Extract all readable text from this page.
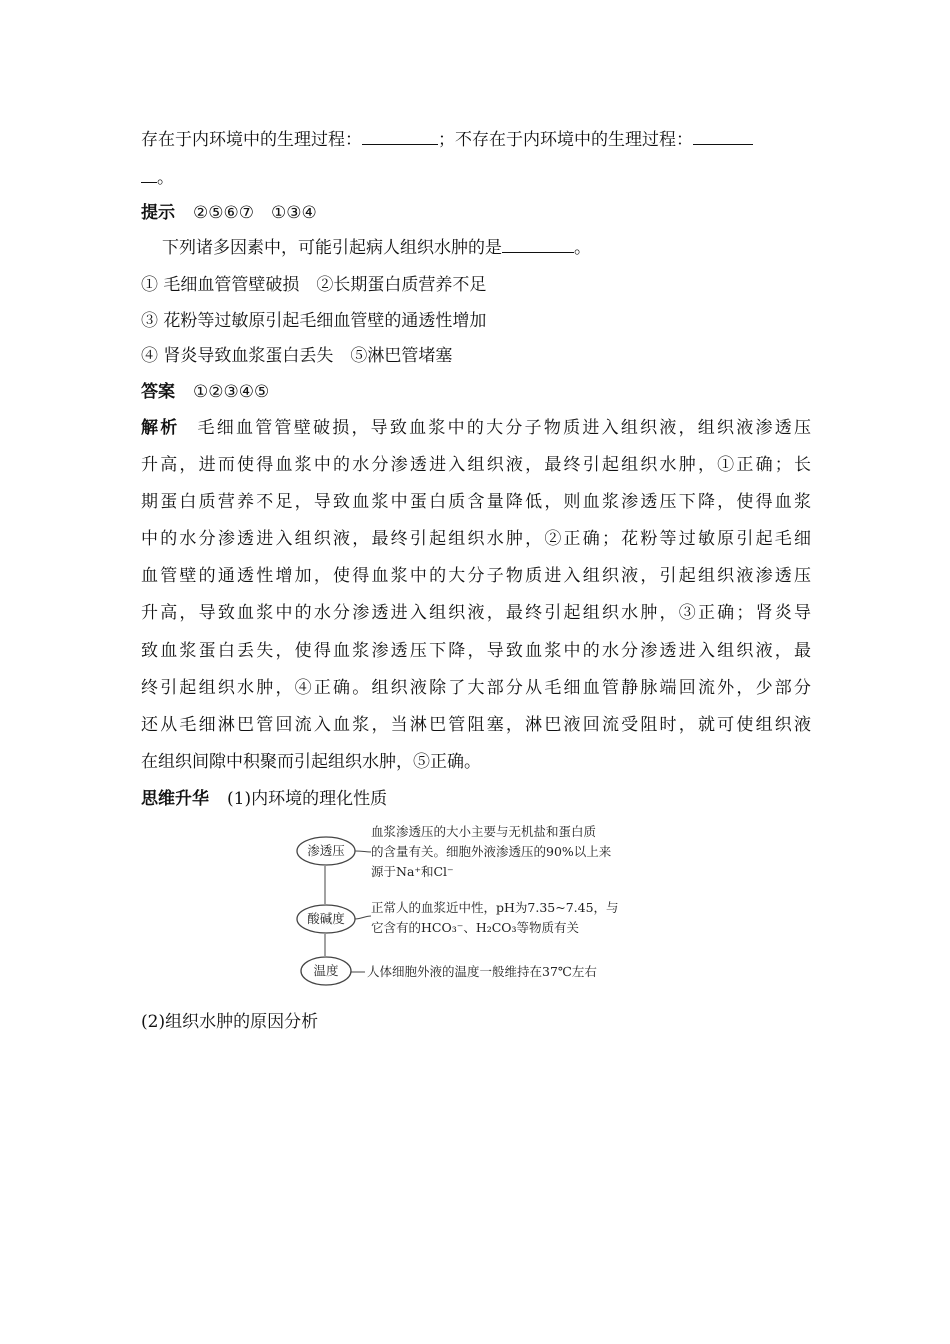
存在于内环境中的生理过程：	；不存在于内环境中的生理过程：
。
提示 ②⑤⑥⑦　①③④
下列诸多因素中，可能引起病人组织水肿的是	。
① 毛细血管管壁破损　②长期蛋白质营养不足
③ 花粉等过敏原引起毛细血管壁的通透性增加
④ 肾炎导致血浆蛋白丢失　⑤淋巴管堵塞
答案 ①②③④⑤
解析 毛细血管管壁破损，导致血浆中的大分子物质进入组织液，组织液渗透压
升高，进而使得血浆中的水分渗透进入组织液，最终引起组织水肿，①正确；长
期蛋白质营养不足，导致血浆中蛋白质含量降低，则血浆渗透压下降，使得血浆
中的水分渗透进入组织液，最终引起组织水肿，②正确；花粉等过敏原引起毛细
血管壁的通透性增加，使得血浆中的大分子物质进入组织液，引起组织液渗透压
升高，导致血浆中的水分渗透进入组织液，最终引起组织水肿，③正确；肾炎导
致血浆蛋白丢失，使得血浆渗透压下降，导致血浆中的水分渗透进入组织液，最
终引起组织水肿，④正确。组织液除了大部分从毛细血管静脉端回流外，少部分
还从毛细淋巴管回流入血浆，当淋巴管阻塞，淋巴液回流受阻时，就可使组织液
在组织间隙中积聚而引起组织水肿，⑤正确。
思维升华 (1)内环境的理化性质
渗透压
酸碱度
温度
血浆渗透压的大小主要与无机盐和蛋白质
的含量有关。细胞外液渗透压的90%以上来
源于Na⁺和Cl⁻
正常人的血浆近中性，pH为7.35~7.45，与
它含有的HCO₃⁻、H₂CO₃等物质有关
人体细胞外液的温度一般维持在37℃左右
(2)组织水肿的原因分析
